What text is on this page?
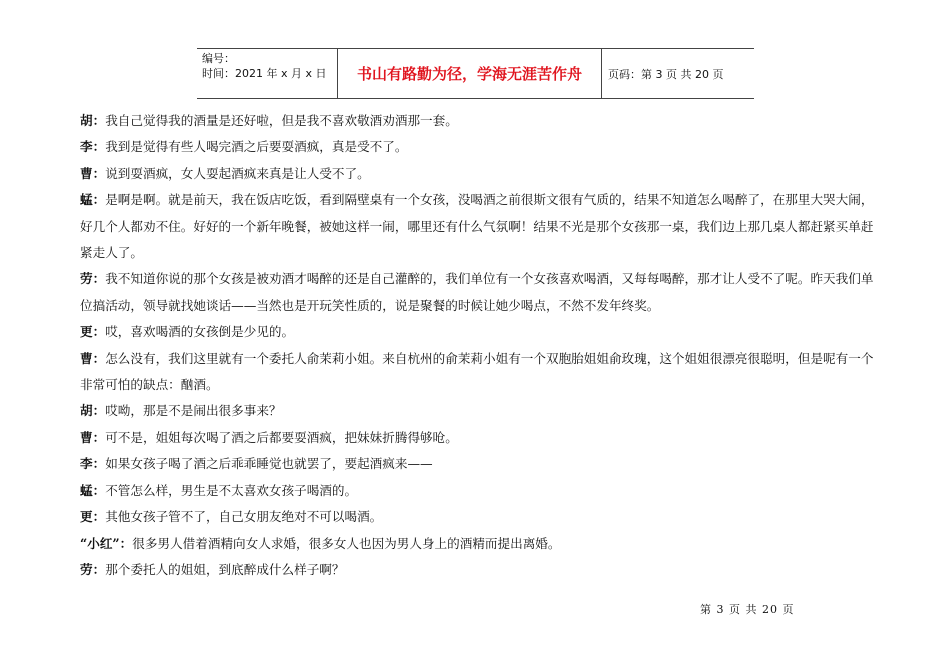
编号：
时间：2021 年 x 月 x 日	书山有路勤为径，学海无涯苦作舟	页码：第 3 页 共 20 页

胡：我自己觉得我的酒量是还好啦，但是我不喜欢敬酒劝酒那一套。

李：我到是觉得有些人喝完酒之后要耍酒疯，真是受不了。

曹：说到耍酒疯，女人耍起酒疯来真是让人受不了。

蜢：是啊是啊。就是前天，我在饭店吃饭，看到隔壁桌有一个女孩，没喝酒之前很斯文很有气质的，结果不知道怎么喝醉了，在那里大哭大闹，好几个人都劝不住。好好的一个新年晚餐，被她这样一闹，哪里还有什么气氛啊！结果不光是那个女孩那一桌，我们边上那几桌人都赶紧买单赶紧走人了。

劳：我不知道你说的那个女孩是被劝酒才喝醉的还是自己灌醉的，我们单位有一个女孩喜欢喝酒，又每每喝醉，那才让人受不了呢。昨天我们单位搞活动，领导就找她谈话——当然也是开玩笑性质的，说是聚餐的时候让她少喝点，不然不发年终奖。

更：哎，喜欢喝酒的女孩倒是少见的。

曹：怎么没有，我们这里就有一个委托人俞茉莉小姐。来自杭州的俞茉莉小姐有一个双胞胎姐姐俞玫瑰，这个姐姐很漂亮很聪明，但是呢有一个非常可怕的缺点：酗酒。

胡：哎呦，那是不是闹出很多事来？

曹：可不是，姐姐每次喝了酒之后都要耍酒疯，把妹妹折腾得够呛。

李：如果女孩子喝了酒之后乖乖睡觉也就罢了，要起酒疯来——

蜢：不管怎么样，男生是不太喜欢女孩子喝酒的。

更：其他女孩子管不了，自己女朋友绝对不可以喝酒。

“小红”：很多男人借着酒精向女人求婚，很多女人也因为男人身上的酒精而提出离婚。

劳：那个委托人的姐姐，到底醉成什么样子啊？

第 3 页 共 20 页
